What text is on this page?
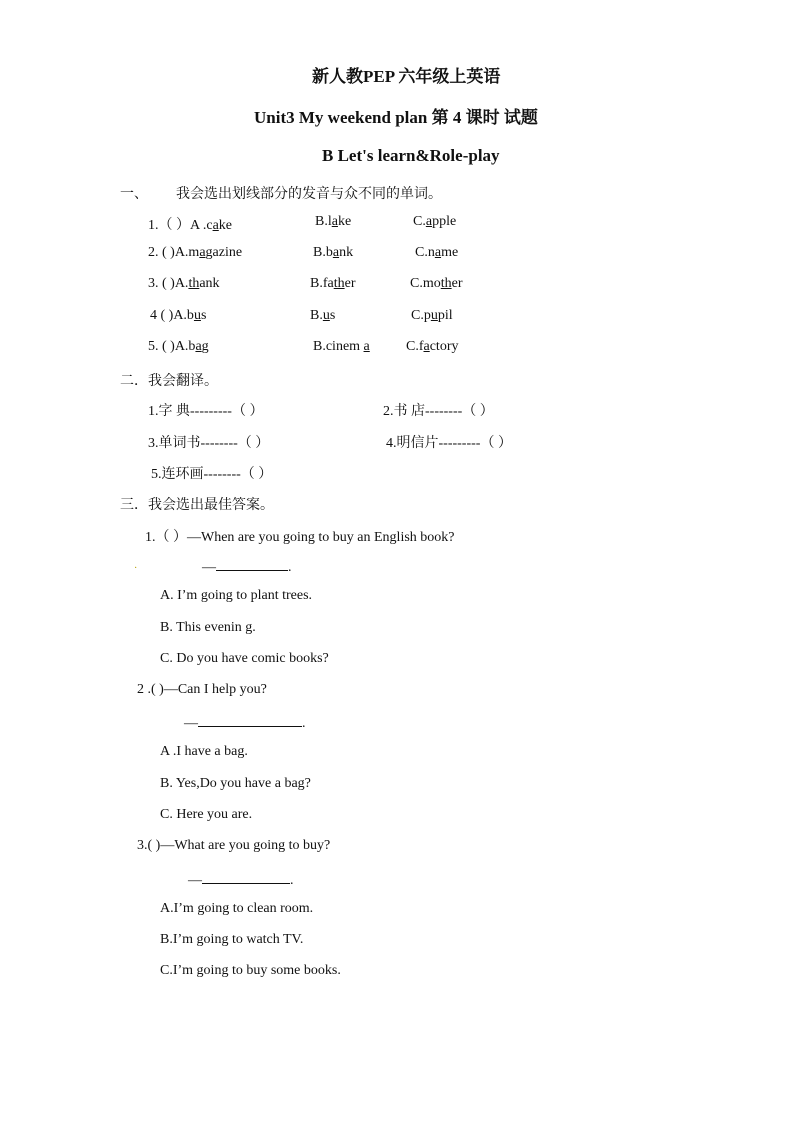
新人教PEP 六年级上英语
Unit3 My weekend plan 第 4 课时 试题
B Let's learn&Role-play
一、 我会选出划线部分的发音与众不同的单词。
1.（ ）A .cake	B.lake	C.apple
2. ( )A.magazine	B.bank	C.name
3. ( )A.thank	B.father	C.mother
4 ( )A.bus	B.us	C.pupil
5. ( )A.bag	B.cinem a	C.factory
二．我会翻译。
1.字 典---------（ ）	2.书 店--------（ ）
3.单词书--------（ ）	4.明信片---------（ ）
5.连环画--------（ ）
三．我会选出最佳答案。
1.（ ）—When are you going to buy an English book?
·	—	.
A. I’m going to plant trees.
B. This evenin g.
C. Do you have comic books?
2 .( )—Can I help you?
—	.
A .I have a bag.
B. Yes,Do you have a bag?
C. Here you are.
3.( )—What are you going to buy?
—	.
A.I’m going to clean room.
B.I’m going to watch TV.
C.I’m going to buy some books.
